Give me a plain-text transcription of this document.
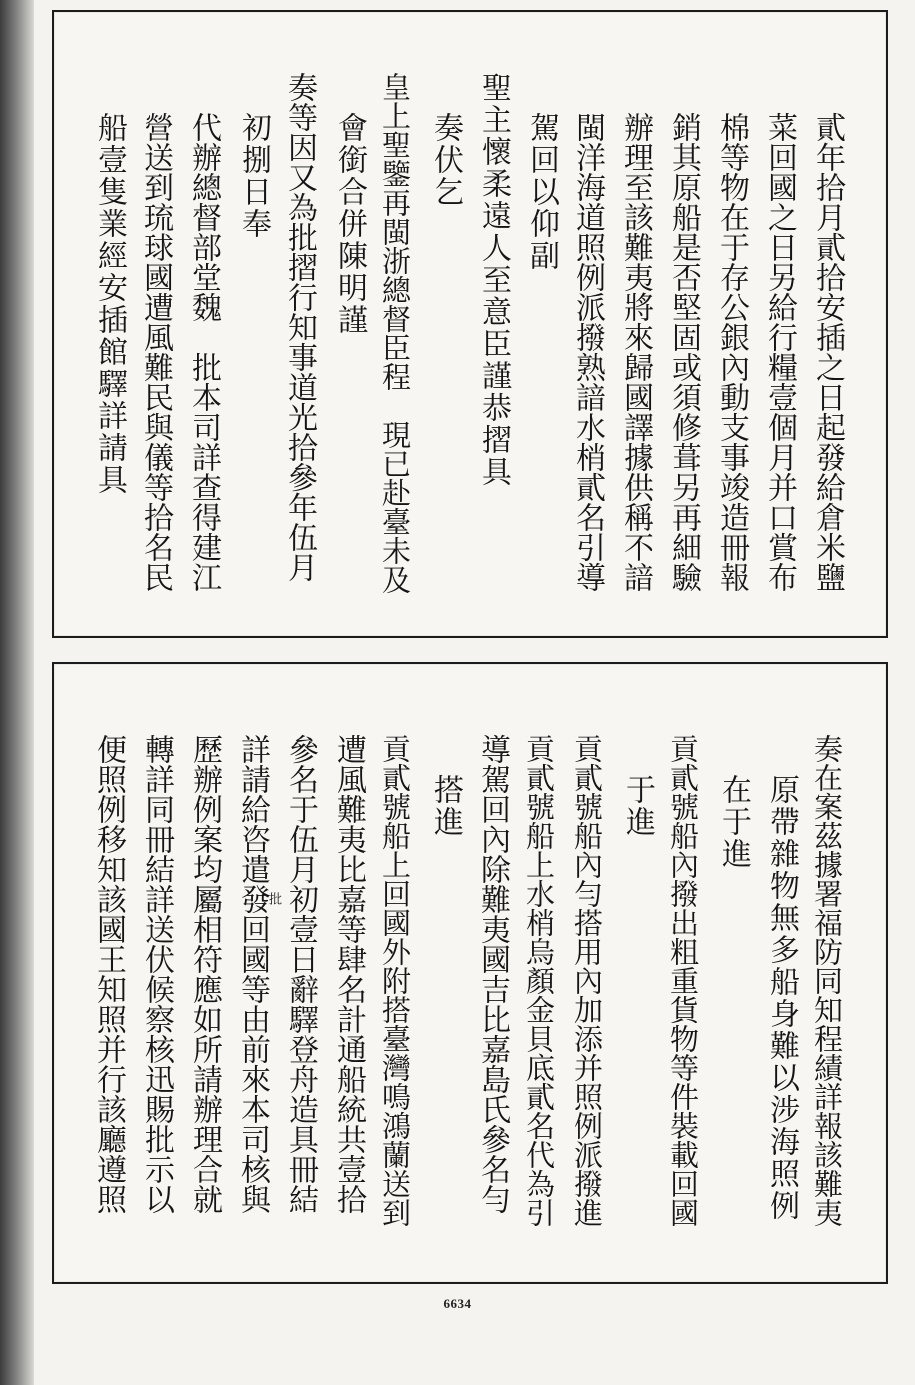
貳年拾月貳拾安插之日起發給倉米鹽
菜回國之日另給行糧壹個月并口賞布
棉等物在于存公銀內動支事竣造冊報
銷其原船是否堅固或須修葺另再細驗
辦理至該難夷將來歸國譯據供稱不諳
閩洋海道照例派撥熟諳水梢貳名引導
駕回以仰副
聖主懷柔遠人至意臣謹恭摺具
奏伏乞
皇上聖鑒再閩浙總督臣程　現已赴臺未及
會銜合併陳明謹
奏等因又為批摺行知事道光拾參年伍月
初捌日奉
代辦總督部堂魏　批本司詳查得建江
營送到琉球國遭風難民與儀等拾名民
船壹隻業經安插館驛詳請具
奏在案茲據署福防同知程績詳報該難夷
原帶雜物無多船身難以涉海照例
在于進
貢貳號船內撥出粗重貨物等件裝載回國
于進
貢貳號船內勻搭用內加添并照例派撥進
貢貳號船上水梢烏顏金貝底貳名代為引
導駕回內除難夷國吉比嘉島氏參名勻
搭進
貢貳號船上回國外附搭臺灣鳴鴻蘭送到
遭風難夷比嘉等肆名計通船統共壹拾
參名于伍月初壹日辭驛登舟造具冊結
詳請給咨遣發回國等由前來本司核與
歷辦例案均屬相符應如所請辦理合就
轉詳同冊結詳送伏候察核迅賜批示以
便照例移知該國王知照并行該廳遵照	批
6634
